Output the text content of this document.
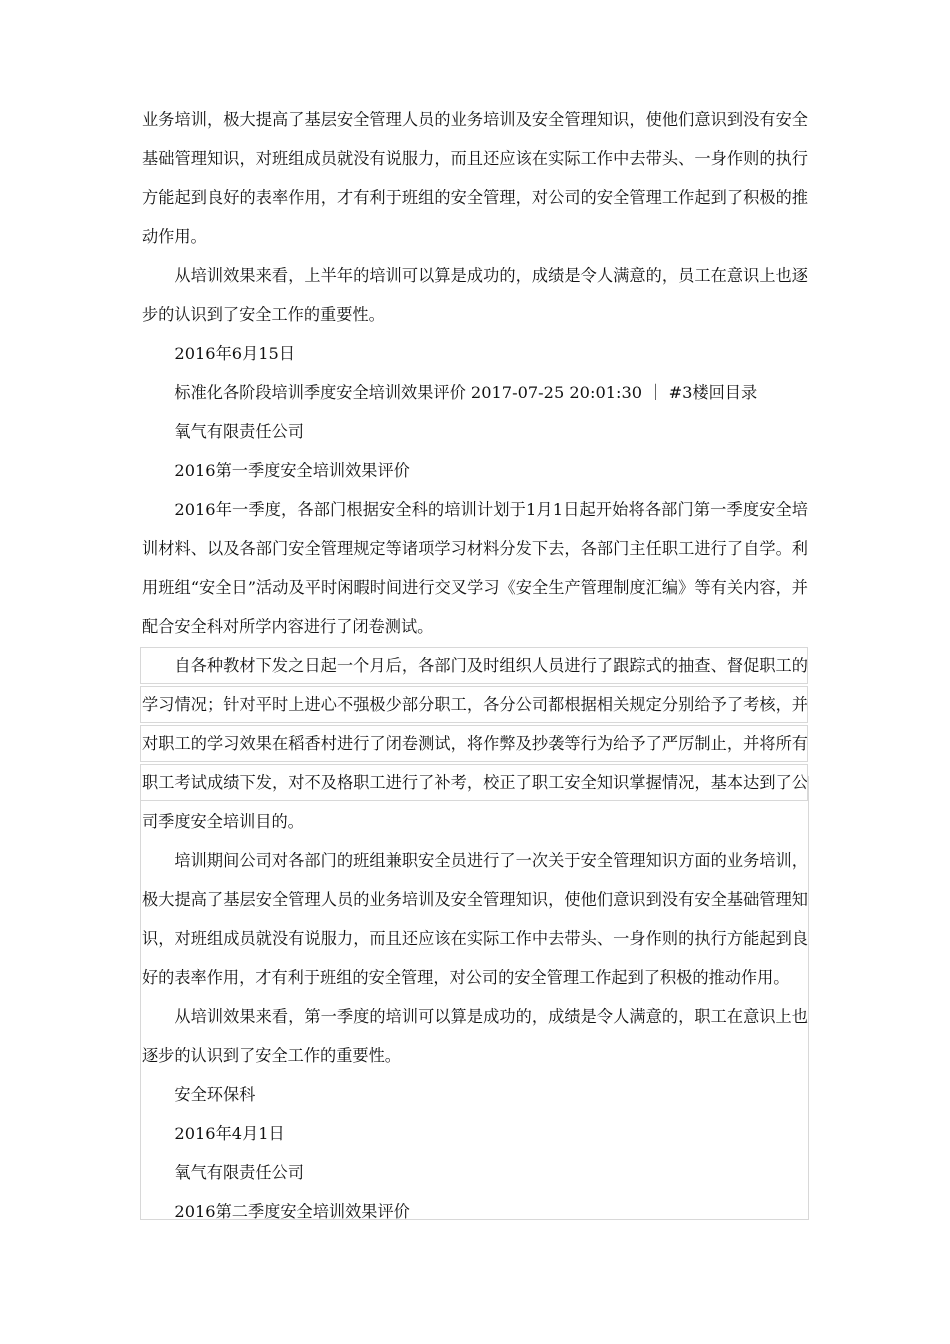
业务培训，极大提高了基层安全管理人员的业务培训及安全管理知识，使他们意识到没有安全基础管理知识，对班组成员就没有说服力，而且还应该在实际工作中去带头、一身作则的执行方能起到良好的表率作用，才有利于班组的安全管理，对公司的安全管理工作起到了积极的推动作用。

从培训效果来看，上半年的培训可以算是成功的，成绩是令人满意的，员工在意识上也逐步的认识到了安全工作的重要性。

2016年6月15日

标准化各阶段培训季度安全培训效果评价 2017-07-25 20:01:30 ｜ #3楼回目录

氧气有限责任公司

2016第一季度安全培训效果评价

2016年一季度，各部门根据安全科的培训计划于1月1日起开始将各部门第一季度安全培训材料、以及各部门安全管理规定等诸项学习材料分发下去，各部门主任职工进行了自学。利用班组“安全日”活动及平时闲暇时间进行交叉学习《安全生产管理制度汇编》等有关内容，并配合安全科对所学内容进行了闭卷测试。

自各种教材下发之日起一个月后，各部门及时组织人员进行了跟踪式的抽查、督促职工的学习情况；针对平时上进心不强极少部分职工，各分公司都根据相关规定分别给予了考核，并对职工的学习效果在稻香村进行了闭卷测试，将作弊及抄袭等行为给予了严厉制止，并将所有职工考试成绩下发，对不及格职工进行了补考，校正了职工安全知识掌握情况，基本达到了公司季度安全培训目的。

培训期间公司对各部门的班组兼职安全员进行了一次关于安全管理知识方面的业务培训，极大提高了基层安全管理人员的业务培训及安全管理知识，使他们意识到没有安全基础管理知识，对班组成员就没有说服力，而且还应该在实际工作中去带头、一身作则的执行方能起到良好的表率作用，才有利于班组的安全管理，对公司的安全管理工作起到了积极的推动作用。

从培训效果来看，第一季度的培训可以算是成功的，成绩是令人满意的，职工在意识上也逐步的认识到了安全工作的重要性。

安全环保科

2016年4月1日

氧气有限责任公司

2016第二季度安全培训效果评价
